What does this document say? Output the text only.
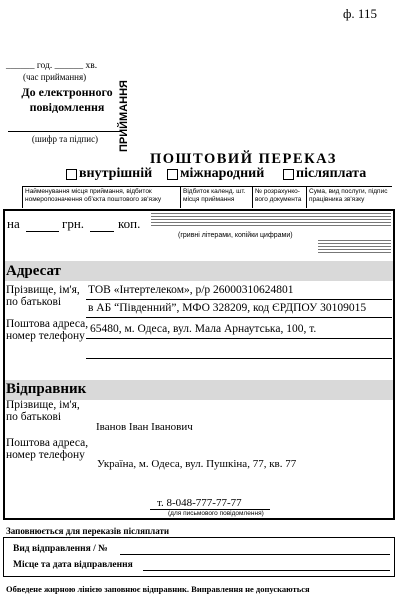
ф. 115
______ год. ______ хв.
(час приймання)
До електронного
повідомлення
(шифр та підпис)	ПРИЙМАННЯ
ПОШТОВИЙ ПЕРЕКАЗ
внутрішній міжнародний післяплата
Найменування місця приймання, відбиток номеропозначення об'єкта поштового зв'язку
Відбиток календ. шт. місця приймання
№ розрахунко-вого документа
Сума, вид послуги, підпис працівника зв'язку
на	грн.	коп.
(гривні літерами, копійки цифрами)
Адресат
Прізвище, ім'я,
по батькові
ТОВ «Інтертелеком», р/р 26000310624801
в АБ “Південний”, МФО 328209, код ЄРДПОУ 30109015
Поштова адреса,
номер телефону
65480, м. Одеса, вул. Мала Арнаутська, 100, т.
Відправник
Прізвище, ім'я,
по батькові
Іванов Іван Іванович
Поштова адреса,
номер телефону
Україна, м. Одеса, вул. Пушкіна, 77, кв. 77
т. 8-048-777-77-77
(для письмового повідомлення)
Заповнюється для переказів післяплати
Вид відправлення / №
Місце та дата відправлення
Обведене жирною лінією заповнює відправник. Виправлення не допускаються
